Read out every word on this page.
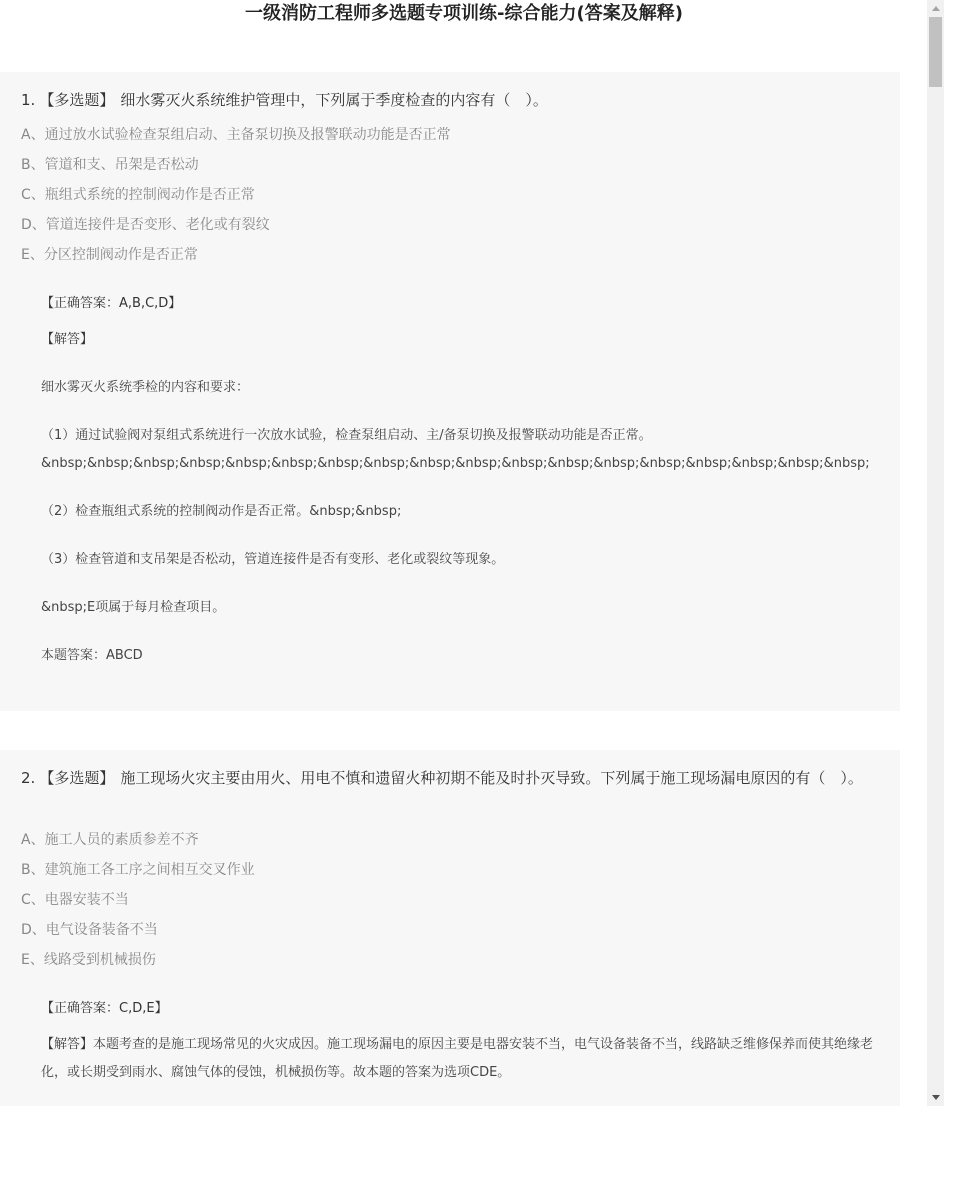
一级消防工程师多选题专项训练-综合能力(答案及解释)
1. 【多选题】 细水雾灭火系统维护管理中，下列属于季度检查的内容有（　）。
A、通过放水试验检查泵组启动、主备泵切换及报警联动功能是否正常
B、管道和支、吊架是否松动
C、瓶组式系统的控制阀动作是否正常
D、管道连接件是否变形、老化或有裂纹
E、分区控制阀动作是否正常
【正确答案：A,B,C,D】
【解答】
细水雾灭火系统季检的内容和要求：
（1）通过试验阀对泵组式系统进行一次放水试验，检查泵组启动、主/备泵切换及报警联动功能是否正常。
&nbsp;&nbsp;&nbsp;&nbsp;&nbsp;&nbsp;&nbsp;&nbsp;&nbsp;&nbsp;&nbsp;&nbsp;&nbsp;&nbsp;&nbsp;&nbsp;&nbsp;&nbsp;
（2）检查瓶组式系统的控制阀动作是否正常。&nbsp;&nbsp;
（3）检查管道和支吊架是否松动，管道连接件是否有变形、老化或裂纹等现象。
&nbsp;E项属于每月检查项目。
本题答案：ABCD
2. 【多选题】 施工现场火灾主要由用火、用电不慎和遗留火种初期不能及时扑灭导致。下列属于施工现场漏电原因的有（　）。
A、施工人员的素质参差不齐
B、建筑施工各工序之间相互交叉作业
C、电器安装不当
D、电气设备装备不当
E、线路受到机械损伤
【正确答案：C,D,E】
【解答】本题考查的是施工现场常见的火灾成因。施工现场漏电的原因主要是电器安装不当，电气设备装备不当，线路缺乏维修保养而使其绝缘老化，或长期受到雨水、腐蚀气体的侵蚀，机械损伤等。故本题的答案为选项CDE。
